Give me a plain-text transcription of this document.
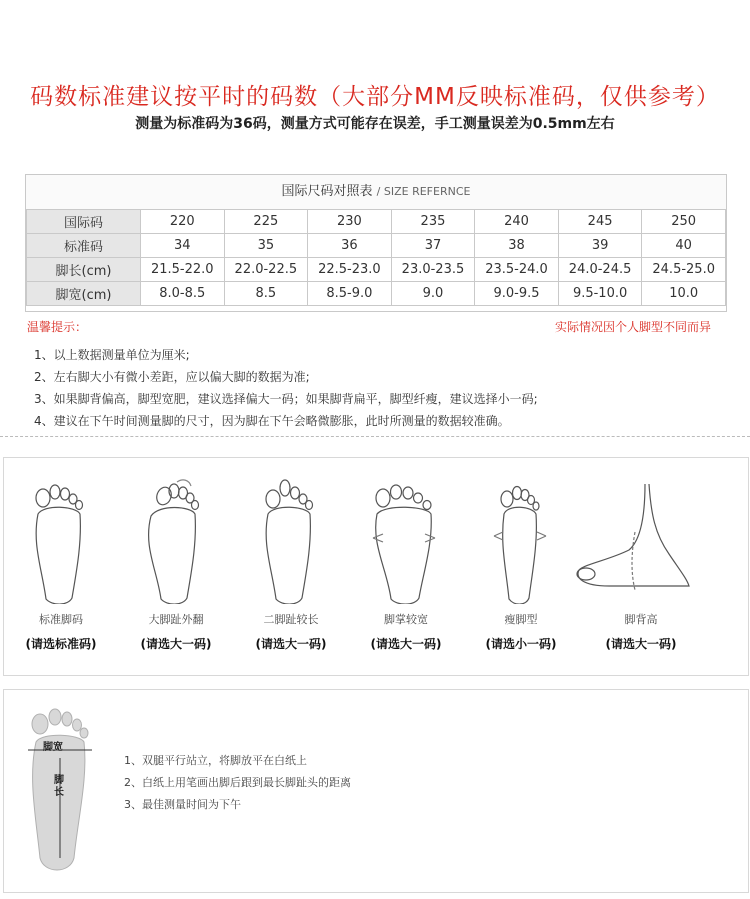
码数标准建议按平时的码数（大部分MM反映标准码，仅供参考）
测量为标准码为36码，测量方式可能存在误差，手工测量误差为0.5mm左右
国际尺码对照表 / SIZE REFERNCE
国际码	220	225	230	235	240	245	250
标准码	34	35	36	37	38	39	40
脚长(cm)	21.5-22.0	22.0-22.5	22.5-23.0	23.0-23.5	23.5-24.0	24.0-24.5	24.5-25.0
脚宽(cm)	8.0-8.5	8.5	8.5-9.0	9.0	9.0-9.5	9.5-10.0	10.0
温馨提示：	实际情况因个人脚型不同而异
1、以上数据测量单位为厘米;
2、左右脚大小有微小差距，应以偏大脚的数据为准;
3、如果脚背偏高，脚型宽肥，建议选择偏大一码；如果脚背扁平，脚型纤瘦，建议选择小一码;
4、建议在下午时间测量脚的尺寸，因为脚在下午会略微膨胀，此时所测量的数据较准确。
标准脚码	大脚趾外翻	二脚趾较长	脚掌较宽	瘦脚型	脚背高
(请选标准码)	(请选大一码)	(请选大一码)	(请选大一码)	(请选小一码)	(请选大一码)
脚宽
脚长
1、双腿平行站立，将脚放平在白纸上
2、白纸上用笔画出脚后跟到最长脚趾头的距离
3、最佳测量时间为下午
